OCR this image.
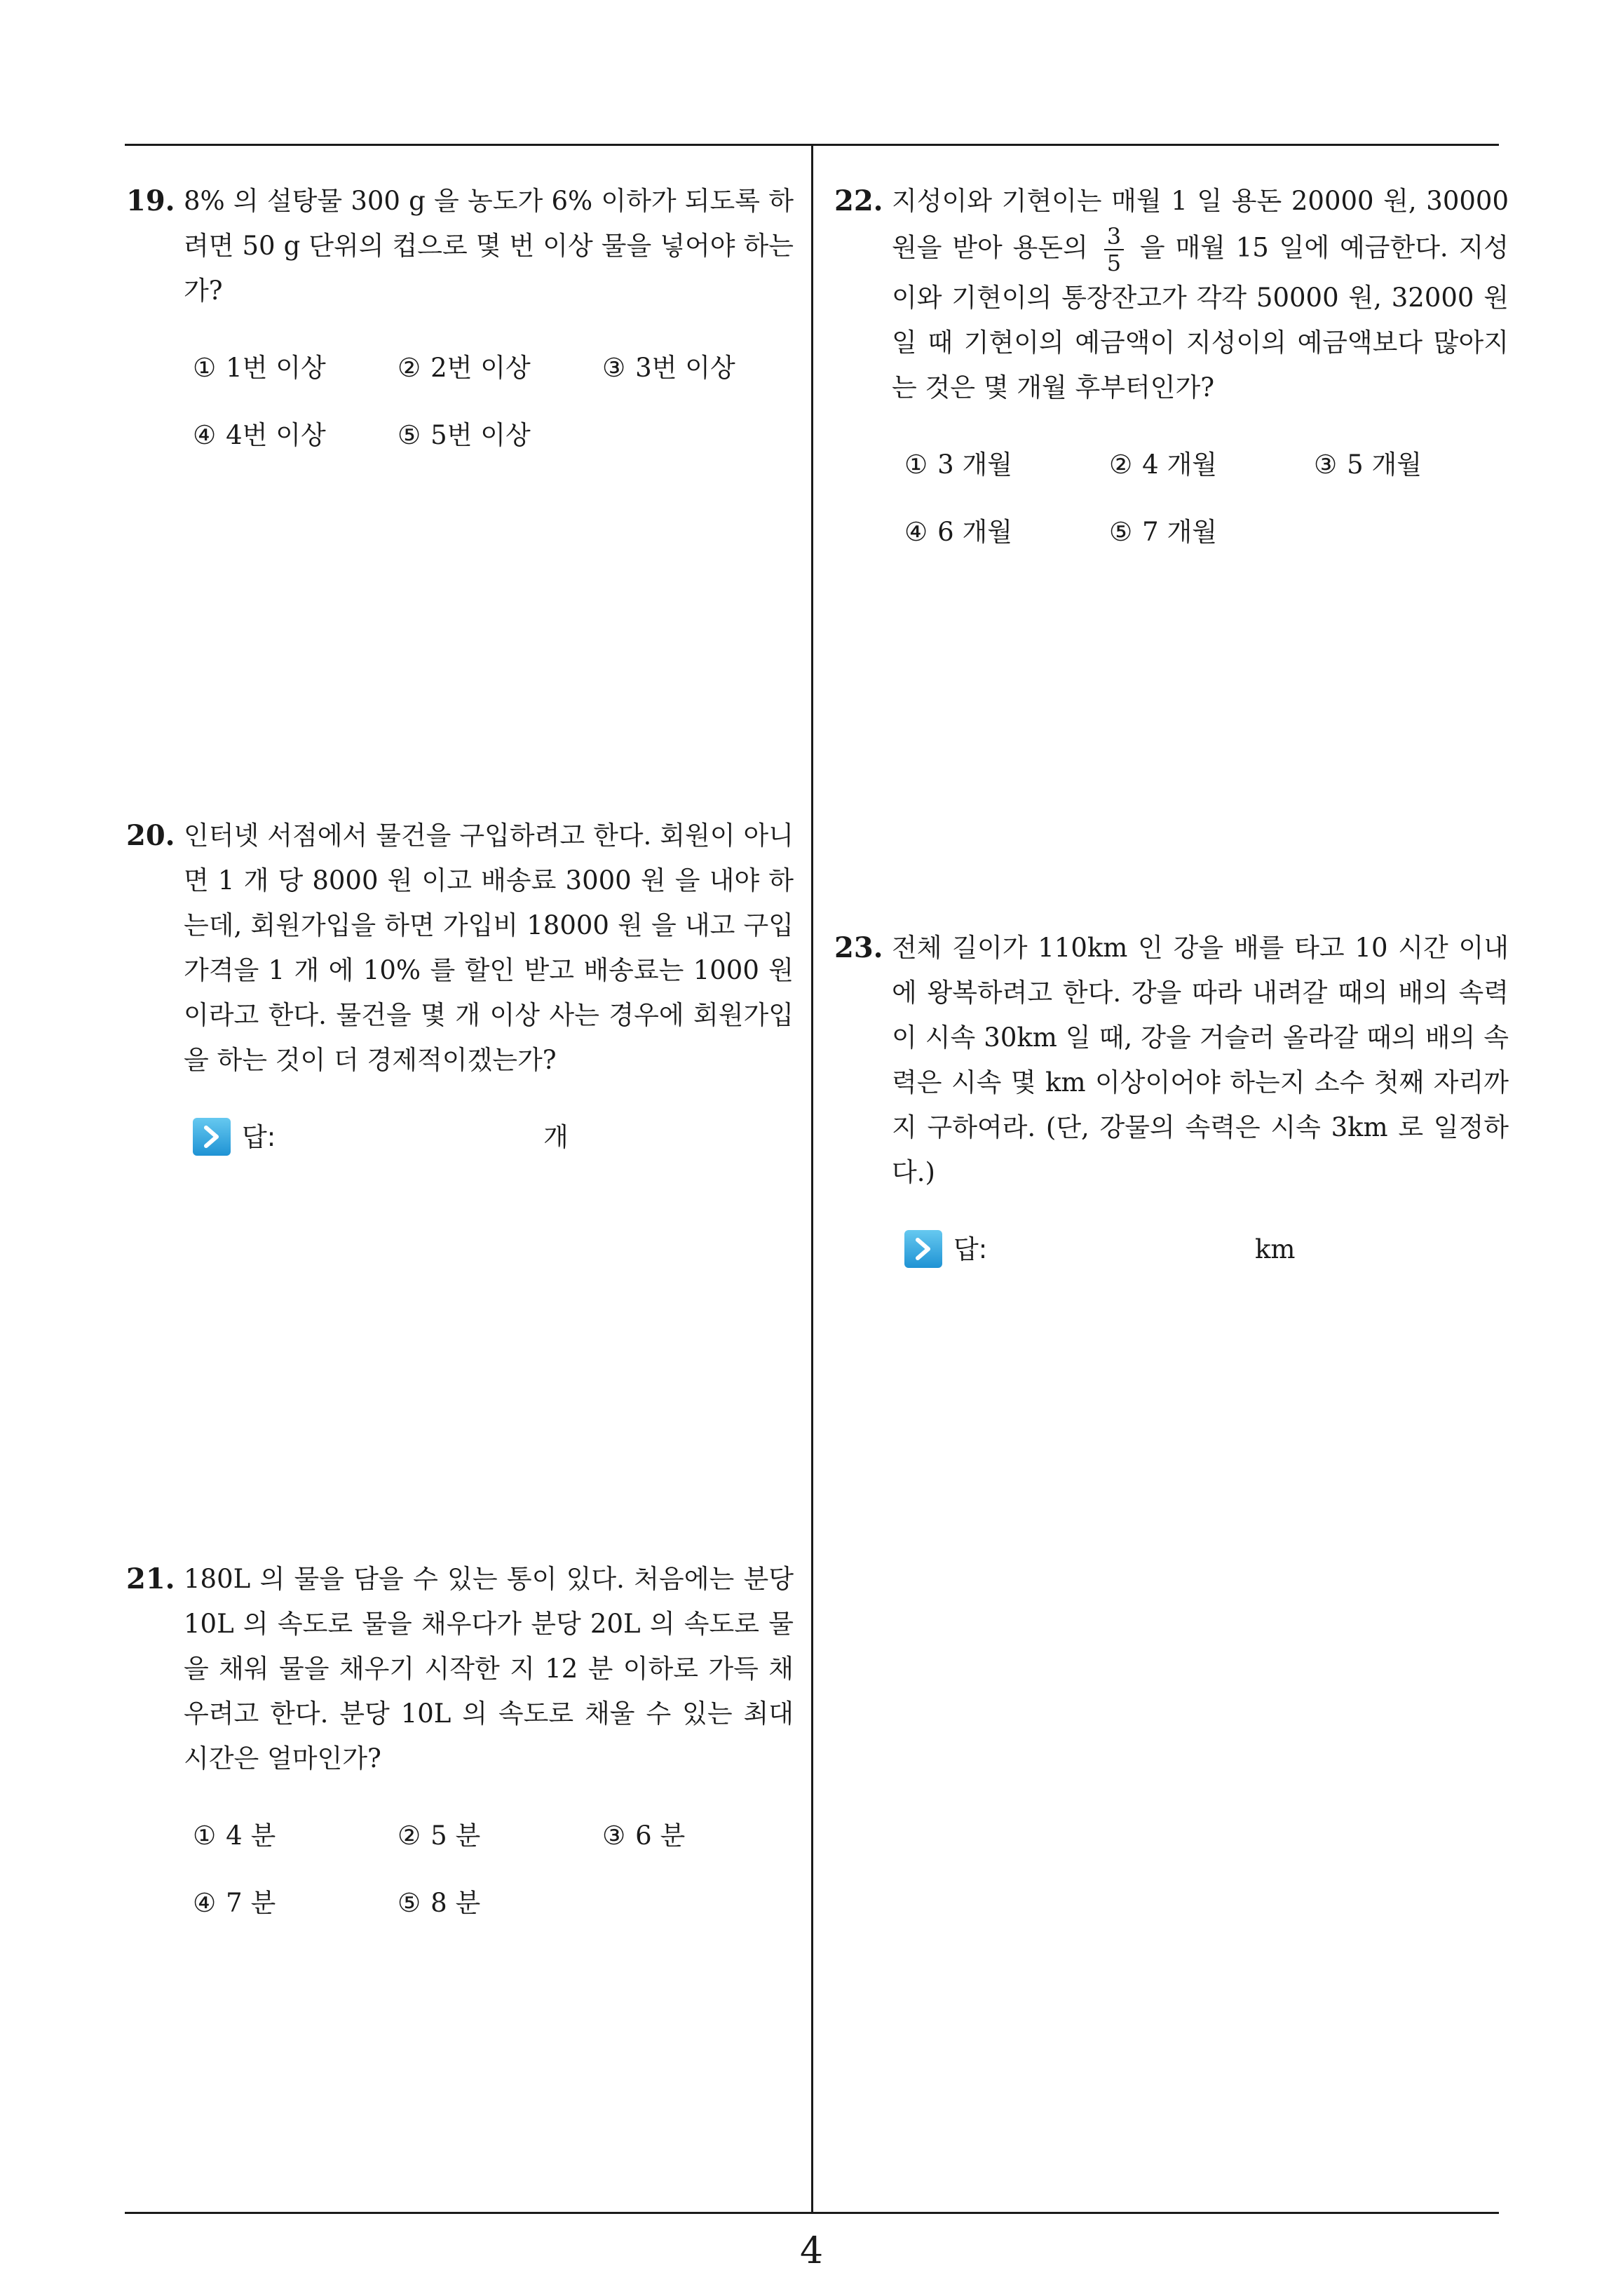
19. 8% 의 설탕물 300 g 을 농도가 6% 이하가 되도록 하려면 50 g 단위의 컵으로 몇 번 이상 물을 넣어야 하는가?
① 1번 이상	② 2번 이상	③ 3번 이상
④ 4번 이상	⑤ 5번 이상
20. 인터넷 서점에서 물건을 구입하려고 한다. 회원이 아니면 1 개 당 8000 원 이고 배송료 3000 원 을 내야 하는데, 회원가입을 하면 가입비 18000 원 을 내고 구입가격을 1 개 에 10% 를 할인 받고 배송료는 1000 원 이라고 한다. 물건을 몇 개 이상 사는 경우에 회원가입을 하는 것이 더 경제적이겠는가?
답:	개
21. 180L 의 물을 담을 수 있는 통이 있다. 처음에는 분당 10L 의 속도로 물을 채우다가 분당 20L 의 속도로 물을 채워 물을 채우기 시작한 지 12 분 이하로 가득 채우려고 한다. 분당 10L 의 속도로 채울 수 있는 최대 시간은 얼마인가?
① 4 분	② 5 분	③ 6 분
④ 7 분	⑤ 8 분
22. 지성이와 기현이는 매월 1 일 용돈 20000 원, 30000 원을 받아 용돈의 $\frac{3}{5}$ 을 매월 15 일에 예금한다. 지성이와 기현이의 통장잔고가 각각 50000 원, 32000 원일 때 기현이의 예금액이 지성이의 예금액보다 많아지는 것은 몇 개월 후부터인가?
① 3 개월	② 4 개월	③ 5 개월
④ 6 개월	⑤ 7 개월
23. 전체 길이가 110km 인 강을 배를 타고 10 시간 이내에 왕복하려고 한다. 강을 따라 내려갈 때의 배의 속력이 시속 30km 일 때, 강을 거슬러 올라갈 때의 배의 속력은 시속 몇 km 이상이어야 하는지 소수 첫째 자리까지 구하여라. (단, 강물의 속력은 시속 3km 로 일정하다.)
답:	km
4
